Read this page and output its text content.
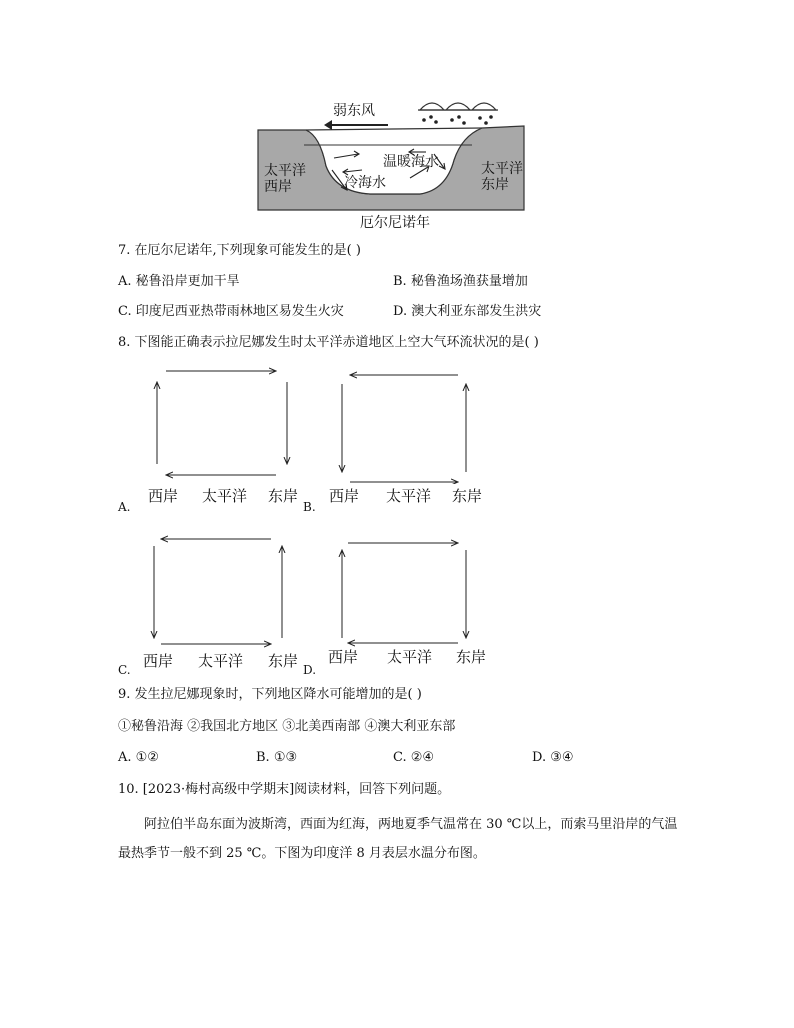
弱东风
太平洋
西岸
太平洋
东岸
温暖海水
冷海水
厄尔尼诺年
7. 在厄尔尼诺年,下列现象可能发生的是( )
A. 秘鲁沿岸更加干旱	B. 秘鲁渔场渔获量增加
C. 印度尼西亚热带雨林地区易发生火灾	D. 澳大利亚东部发生洪灾
8. 下图能正确表示拉尼娜发生时太平洋赤道地区上空大气环流状况的是( )
A.
西岸 太平洋 东岸
B.
西岸 太平洋 东岸
C. 西岸 太平洋 东岸 D.
西岸 太平洋 东岸
9. 发生拉尼娜现象时，下列地区降水可能增加的是( )
①秘鲁沿海 ②我国北方地区 ③北美西南部 ④澳大利亚东部
A. ①②	B. ①③	C. ②④	D. ③④
10. [2023·梅村高级中学期末]阅读材料，回答下列问题。
阿拉伯半岛东面为波斯湾，西面为红海，两地夏季气温常在 30 ℃以上，而索马里沿岸的气温最热季节一般不到 25 ℃。下图为印度洋 8 月表层水温分布图。
